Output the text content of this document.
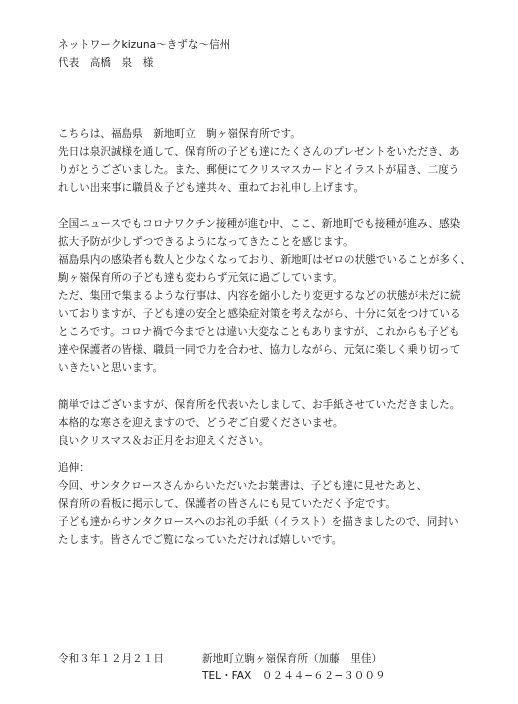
ネットワークkizuna〜きずな〜信州
代表　高橋　泉　様
こちらは、福島県　新地町立　駒ヶ嶺保育所です。
先日は泉沢誠様を通して、保育所の子ども達にたくさんのプレゼントをいただき、あ
りがとうございました。また、郵便にてクリスマスカードとイラストが届き、二度う
れしい出来事に職員＆子ども達共々、重ねてお礼申し上げます。
全国ニュースでもコロナワクチン接種が進む中、ここ、新地町でも接種が進み、感染
拡大予防が少しずつできるようになってきたことを感じます。
福島県内の感染者も数人と少なくなっており、新地町はゼロの状態でいることが多く、
駒ヶ嶺保育所の子ども達も変わらず元気に過ごしています。
ただ、集団で集まるような行事は、内容を縮小したり変更するなどの状態が未だに続
いておりますが、子ども達の安全と感染症対策を考えながら、十分に気をつけている
ところです。コロナ禍で今までとは違い大変なこともありますが、これからも子ども
達や保護者の皆様、職員一同で力を合わせ、協力しながら、元気に楽しく乗り切って
いきたいと思います。
簡単ではございますが、保育所を代表いたしまして、お手紙させていただきました。
本格的な寒さを迎えますので、どうぞご自愛くださいませ。
良いクリスマス＆お正月をお迎えください。
追伸：
今回、サンタクロースさんからいただいたお葉書は、子ども達に見せたあと、
保育所の看板に掲示して、保護者の皆さんにも見ていただく予定です。
子ども達からサンタクロースへのお礼の手紙（イラスト）を描きましたので、同封い
たします。皆さんでご覧になっていただければ嬉しいです。
令和３年１２月２１日	新地町立駒ヶ嶺保育所（加藤　里佳）
TEL・FAX　０２４４−６２−３００９
